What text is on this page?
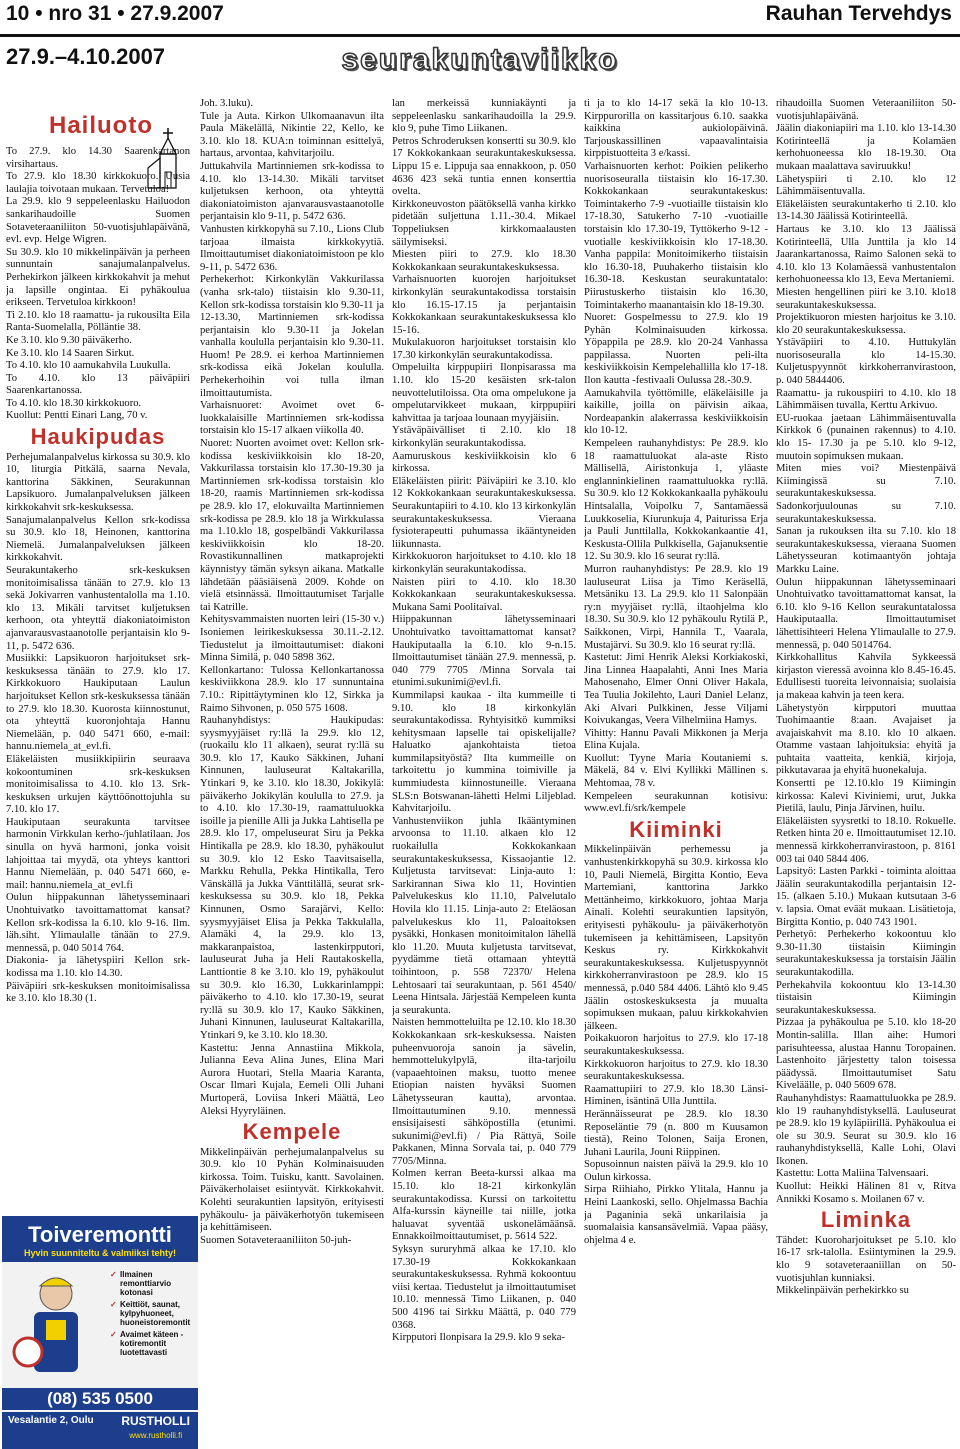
10 • nro 31 • 27.9.2007	Rauhan Tervehdys
27.9.–4.10.2007	seurakuntaviikko
Hailuoto

To 27.9. klo 14.30 Saarenkartanon virsihartaus.

To 27.9. klo 18.30 kirkkokuoro. Uusia laulajia toivotaan mukaan. Tervetuloa!

La 29.9. klo 9 seppeleenlasku Hailuodon sankarihaudoille Suomen Sotaveteraaniliiton 50-vuotisjuhlapäivänä, evl. evp. Helge Wigren.

Su 30.9. klo 10 mikkelinpäivän ja perheen sunnuntain sanajumalanpalvelus. Perhekirkon jälkeen kirkkokahvit ja mehut ja lapsille ongintaa. Ei pyhäkoulua erikseen. Tervetuloa kirkkoon!

Ti 2.10. klo 18 raamattu- ja rukousilta Eila Ranta-Suomelalla, Pölläntie 38.

Ke 3.10. klo 9.30 päiväkerho.

Ke 3.10. klo 14 Saaren Sirkut.

To 4.10. klo 10 aamukahvila Luukulla.

To 4.10. klo 13 päiväpiiri Saarenkartanossa.

To 4.10. klo 18.30 kirkkokuoro.

Kuollut: Pentti Einari Lang, 70 v.

Haukipudas

Perhejumalanpalvelus kirkossa su 30.9. klo 10, liturgia Pitkälä, saarna Nevala, kanttorina Säkkinen, Seurakunnan Lapsikuoro. Jumalanpalveluksen jälkeen kirkkokahvit srk-keskuksessa.

Sanajumalanpalvelus Kellon srk-kodissa su 30.9. klo 18, Heinonen, kanttorina Niemelä. Jumalanpalveluksen jälkeen kirkkokahvit.

Seurakuntakerho srk-keskuksen monitoimisalissa tänään to 27.9. klo 13 sekä Jokivarren vanhustentalolla ma 1.10. klo 13. Mikäli tarvitset kuljetuksen kerhoon, ota yhteyttä diakoniatoimiston ajanvarausvastaanotolle perjantaisin klo 9-11, p. 5472 636.

Musiikki: Lapsikuoron harjoitukset srk-keskuksessa tänään to 27.9. klo 17. Kirkkokuoro Haukiputaan Laulun harjoitukset Kellon srk-keskuksessa tänään to 27.9. klo 18.30. Kuorosta kiinnostunut, ota yhteyttä kuoronjohtaja Hannu Niemelään, p. 040 5471 660, e-mail: hannu.niemela_at_evl.fi.

Eläkeläisten musiikkipiirin seuraava kokoontuminen srk-keskuksen monitoimisalissa to 4.10. klo 13. Srk-keskuksen urkujen käyttöönottojuhla su 7.10. klo 17.

Haukiputaan seurakunta tarvitsee harmonin Virkkulan kerho-/juhlatilaan. Jos sinulla on hyvä harmoni, jonka voisit lahjoittaa tai myydä, ota yhteys kanttori Hannu Niemelään, p. 040 5471 660, e-mail: hannu.niemela_at_evl.fi

Oulun hiippakunnan lähetysseminaari Unohtuivatko tavoittamattomat kansat? Kellon srk-kodissa la 6.10. klo 9-16. Ilm. läh.siht. Ylimaulalle tänään to 27.9. mennessä, p. 040 5014 764.

Diakonia- ja lähetyspiiri Kellon srk-kodissa ma 1.10. klo 14.30.

Päiväpiiri srk-keskuksen monitoimisalissa ke 3.10. klo 18.30 (1.

Toiveremontti
Hyvin suunniteltu & valmiiksi tehty!
✓ Ilmainen remonttiarvio kotonasi
✓ Keittiöt, saunat, kylpyhuoneet, huoneistoremontit
✓ Avaimet käteen -kotiremontit luotettavasti
(08) 535 0500
Vesalantie 2, Oulu RUSTHOLLI
www.rustholli.fi

Joh. 3.luku).

Tule ja Auta. Kirkon Ulkomaanavun ilta Paula Mäkelällä, Nikintie 22, Kello, ke 3.10. klo 18. KUA:n toiminnan esittelyä, hartaus, arvontaa, kahvitarjoilu.

Juttukahvila Martinniemen srk-kodissa to 4.10. klo 13-14.30. Mikäli tarvitset kuljetuksen kerhoon, ota yhteyttä diakoniatoimiston ajanvarausvastaanotolle perjantaisin klo 9-11, p. 5472 636.

Vanhusten kirkkopyhä su 7.10., Lions Club tarjoaa ilmaista kirkkokyytiä. Ilmoittautumiset diakoniatoimistoon pe klo 9-11, p. 5472 636.

Perhekerhot: Kirkonkylän Vakkurilassa (vanha srk-talo) tiistaisin klo 9.30-11, Kellon srk-kodissa torstaisin klo 9.30-11 ja 12-13.30, Martinniemen srk-kodissa perjantaisin klo 9.30-11 ja Jokelan vanhalla koululla perjantaisin klo 9.30-11. Huom! Pe 28.9. ei kerhoa Martinniemen srk-kodissa eikä Jokelan koululla. Perhekerhoihin voi tulla ilman ilmoittautumista.

Varhaisnuoret: Avoimet ovet 6-luokkalaisille Martinniemen srk-kodissa torstaisin klo 15-17 alkaen viikolla 40.

Nuoret: Nuorten avoimet ovet: Kellon srk-kodissa keskiviikkoisin klo 18-20, Vakkurilassa torstaisin klo 17.30-19.30 ja Martinniemen srk-kodissa torstaisin klo 18-20, raamis Martinniemen srk-kodissa pe 28.9. klo 17, elokuvailta Martinniemen srk-kodissa pe 28.9. klo 18 ja Wirkkulassa ma 1.10.klo 18, gospelbändi Vakkurilassa keskiviikkoisin klo 18-20. Rovastikunnallinen matkaprojekti käynnistyy tämän syksyn aikana. Matkalle lähdetään pääsiäisenä 2009. Kohde on vielä etsinnässä. Ilmoittautumiset Tarjalle tai Katrille.

Kehitysvammaisten nuorten leiri (15-30 v.) Isoniemen leirikeskuksessa 30.11.-2.12. Tiedustelut ja ilmoittautumiset: diakoni Minna Similä, p. 040 5898 362.

Kellonkartano: Tulossa Kellonkartanossa keskiviikkona 28.9. klo 17 sunnuntaina 7.10.: Ripittäytyminen klo 12, Sirkka ja Raimo Sihvonen, p. 050 575 1608.

Rauhanyhdistys: Haukipudas: syysmyyjäiset ry:llä la 29.9. klo 12, (ruokailu klo 11 alkaen), seurat ry:llä su 30.9. klo 17, Kauko Säkkinen, Juhani Kinnunen, lauluseurat Kaltakarilla, Ytinkari 9, ke 3.10. klo 18.30, Jokikylä: päiväkerho Jokikylän koululla to 27.9. ja to 4.10. klo 17.30-19, raamattuluokka isoille ja pienille Alli ja Jukka Lahtisella pe 28.9. klo 17, ompeluseurat Siru ja Pekka Hintikalla pe 28.9. klo 18.30, pyhäkoulut su 30.9. klo 12 Esko Taavitsaisella, Markku Rehulla, Pekka Hintikalla, Tero Vänskällä ja Jukka Vänttilällä, seurat srk-keskuksessa su 30.9. klo 18, Pekka Kinnunen, Osmo Sarajärvi, Kello: syysmyyjäiset Elisa ja Pekka Takkulalla, Alamäki 4, la 29.9. klo 13, makkaranpaistoa, lastenkirpputori, lauluseurat Juha ja Heli Rautakoskella, Lanttiontie 8 ke 3.10. klo 19, pyhäkoulut su 30.9. klo 16.30, Lukkarinlamppi: päiväkerho to 4.10. klo 17.30-19, seurat ry:llä su 30.9. klo 17, Kauko Säkkinen, Juhani Kinnunen, lauluseurat Kaltakarilla, Ytinkari 9, ke 3.10. klo 18.30.

Kastettu: Jenna Annastiina Mikkola, Julianna Eeva Alina Junes, Elina Mari Aurora Huotari, Stella Maaria Karanta, Oscar Ilmari Kujala, Eemeli Olli Juhani Murtoperä, Loviisa Inkeri Määttä, Leo Aleksi Hyyryläinen.

Kempele

Mikkelinpäivän perhejumalanpalvelus su 30.9. klo 10 Pyhän Kolminaisuuden kirkossa. Toim. Tuisku, kantt. Savolainen. Päiväkerholaiset esiintyvät. Kirkkokahvit. Kolehti seurakuntien lapsityön, erityisesti pyhäkoulu- ja päiväkerhotyön tukemiseen ja kehittämiseen.

Suomen Sotaveteraaniliiton 50-juh-

lan merkeissä kunniakäynti ja seppeleenlasku sankarihaudoilla la 29.9. klo 9, puhe Timo Liikanen.

Petros Schroderuksen konsertti su 30.9. klo 17 Kokkokankaan seurakuntakeskuksessa. Lippu 15 e. Lippuja saa ennakkoon, p. 050 4636 423 sekä tuntia ennen konserttia ovelta.

Kirkkoneuvoston päätöksellä vanha kirkko pidetään suljettuna 1.11.-30.4. Mikael Toppeliuksen kirkkomaalausten säilymiseksi.

Miesten piiri to 27.9. klo 18.30 Kokkokankaan seurakuntakeskuksessa.

Varhaisnuorten kuorojen harjoitukset kirkonkylän seurakuntakodissa torstaisin klo 16.15-17.15 ja perjantaisin Kokkokankaan seurakuntakeskuksessa klo 15-16.

Mukulakuoron harjoitukset torstaisin klo 17.30 kirkonkylän seurakuntakodissa.

Ompeluilta kirppupiiri Ilonpisarassa ma 1.10. klo 15-20 kesäisten srk-talon neuvottelutiloissa. Ota oma ompelukone ja ompelutarvikkeet mukaan, kirppupiiri kahvittaa ja tarjoaa lounaan myyjäisiin.

Ystäväpäivälliset ti 2.10. klo 18 kirkonkylän seurakuntakodissa.

Aamuruskous keskiviikkoisin klo 6 kirkossa.

Eläkeläisten piirit: Päiväpiiri ke 3.10. klo 12 Kokkokankaan seurakuntakeskuksessa. Seurakuntapiiri to 4.10. klo 13 kirkonkylän seurakuntakeskuksessa. Vieraana fysioterapeutti puhumassa ikääntyneiden liikunnasta.

Kirkkokuoron harjoitukset to 4.10. klo 18 kirkonkylän seurakuntakodissa.

Naisten piiri to 4.10. klo 18.30 Kokkokankaan seurakuntakeskuksessa. Mukana Sami Poolitaival.

Hiippakunnan lähetysseminaari Unohtuivatko tavoittamattomat kansat? Haukiputaalla la 6.10. klo 9-n.15. Ilmoittautumiset tänään 27.9. mennessä, p. 040 779 7705 /Minna Sorvala tai etunimi.sukunimi@evl.fi.

Kummilapsi kaukaa - ilta kummeille ti 9.10. klo 18 kirkonkylän seurakuntakodissa. Ryhtyisitkö kummiksi kehitysmaan lapselle tai opiskelijalle? Haluatko ajankohtaista tietoa kummilapsityöstä? Ilta kummeille on tarkoitettu jo kummina toimiville ja kummiudesta kiinnostuneille. Vieraana SLS:n Botswanan-lähetti Helmi Liljeblad. Kahvitarjoilu.

Vanhustenviikon juhla Ikääntyminen arvoonsa to 11.10. alkaen klo 12 ruokailulla Kokkokankaan seurakuntakeskuksessa, Kissaojantie 12. Kuljetusta tarvitsevat: Linja-auto 1: Sarkirannan Siwa klo 11, Hovintien Palvelukeskus klo 11.10, Palvelutalo Hovila klo 11.15. Linja-auto 2: Eteläosan palvelukeskus klo 11, Paloaitoksen pysäkki, Honkasen monitoimitalon lähellä klo 11.20. Muuta kuljetusta tarvitsevat, pyydämme tietä ottamaan yhteyttä toihintoon, p. 558 72370/ Helena Lehtosaari tai seurakuntaan, p. 561 4540/ Leena Hintsala. Järjestää Kempeleen kunta ja seurakunta.

Naisten hemmotteluilta pe 12.10. klo 18.30 Kokkokankaan srk-keskuksessa. Naisten puheenvuoroja sanoin ja sävelin, hemmottelukylpylä, ilta-tarjoilu (vapaaehtoinen maksu, tuotto menee Etiopian naisten hyväksi Suomen Lähetysseuran kautta), arvontaa. Ilmoittautuminen 9.10. mennessä ensisijaisesti sähköpostilla (etunimi. sukunimi@evl.fi) / Pia Rättyä, Soile Pakkanen, Minna Sorvala tai, p. 040 779 7705/Minna.

Kolmen kerran Beeta-kurssi alkaa ma 15.10. klo 18-21 kirkonkylän seurakuntakodissa. Kurssi on tarkoitettu Alfa-kurssin käyneille tai niille, jotka haluavat syventää uskonelämäänsä. Ennakkoilmoittautumiset, p. 5614 522.

Syksyn sururyhmä alkaa ke 17.10. klo 17.30-19 Kokkokankaan seurakuntakeskuksessa. Ryhmä kokoontuu viisi kertaa. Tiedustelut ja ilmoittautumiset 10.10. mennessä Timo Liikanen, p. 040 500 4196 tai Sirkku Määttä, p. 040 779 0368.

Kirpputori Ilonpisara la 29.9. klo 9 seka-

ti ja to klo 14-17 sekä la klo 10-13. Kirppurorilla on kassitarjous 6.10. saakka kaikkina aukiolopäivinä. Tarjouskassillinen vapaavalintaisia kirppistuotteita 3 e/kassi.

Varhaisnuorten kerhot: Poikien pelikerho nuorisoseuralla tiistaisin klo 16-17.30. Kokkokankaan seurakuntakeskus: Toimintakerho 7-9 -vuotiaille tiistaisin klo 17-18.30, Satukerho 7-10 -vuotiaille torstaisin klo 17.30-19, Tyttökerho 9-12 -vuotialle keskiviikkoisin klo 17-18.30. Vanha pappila: Monitoimikerho tiistaisin klo 16.30-18, Puuhakerho tiistaisin klo 16.30-18. Keskustan seurakuntatalo: Piirustuskerho tiistaisin klo 16.30, Toimintakerho maanantaisin klo 18-19.30.

Nuoret: Gospelmessu to 27.9. klo 19 Pyhän Kolminaisuuden kirkossa. Yöpappila pe 28.9. klo 20-24 Vanhassa pappilassa. Nuorten peli-ilta keskiviikkoisin Kempelehallilla klo 17-18. Ilon kautta -festivaali Oulussa 28.-30.9.

Aamukahvila työttömille, eläkeläisille ja kaikille, joilla on päivisin aikaa, Nordeapankin alakerrassa keskiviikkoisin klo 10-12.

Kempeleen rauhanyhdistys: Pe 28.9. klo 18 raamattuluokat ala-aste Risto Mällisellä, Airistonkuja 1, yläaste englanninkielinen raamattuluokka ry:llä. Su 30.9. klo 12 Kokkokankaalla pyhäkoulu Hintsalalla, Voipolku 7, Santamäessä Luukkoselia, Kiurunkuja 4, Paiturissa Erja ja Pauli Junttilalla, Kokkokankaantie 41, Keskusta-Ollila Pulkkisella, Gajanuksentie 12. Su 30.9. klo 16 seurat ry:llä.

Murron rauhanyhdistys: Pe 28.9. klo 19 lauluseurat Liisa ja Timo Keräsellä, Metsäniku 13. La 29.9. klo 11 Salonpään ry:n myyjäiset ry:llä, iltaohjelma klo 18.30. Su 30.9. klo 12 pyhäkoulu Rytilä P., Saikkonen, Virpi, Hannila T., Vaarala, Mustajärvi. Su 30.9. klo 16 seurat ry:llä.

Kastetut: Jimi Henrik Aleksi Korkiakoski, Jina Linnea Haapalahti, Anni Ines Maria Mahosenaho, Elmer Onni Oliver Hakala, Tea Tuulia Jokilehto, Lauri Daniel Lelanz, Aki Alvari Pulkkinen, Jesse Viljami Koivukangas, Veera Vilhelmiina Hamys.

Vihitty: Hannu Pavali Mikkonen ja Merja Elina Kujala.

Kuollut: Tyyne Maria Koutaniemi s. Mäkelä, 84 v. Elvi Kyllikki Mällinen s. Mehtomaa, 78 v.

Kempeleen seurakunnan kotisivu: www.evl.fi/srk/kempele

Kiiminki

Mikkelinpäivän perhemessu ja vanhustenkirkkopyhä su 30.9. kirkossa klo 10, Pauli Niemelä, Birgitta Kontio, Eeva Martemiani, kanttorina Jarkko Mettänheimo, kirkkokuoro, johtaa Marja Ainali. Kolehti seurakuntien lapsityön, erityisesti pyhäkoulu- ja päiväkerhotyön tukemiseen ja kehittämiseen, Lapsityön Keskus ry. Kirkkokahvit seurakuntakeskuksessa. Kuljetuspyynnöt kirkkoherranvirastoon pe 28.9. klo 15 mennessä, p.040 584 4406. Lähtö klo 9.45 Jäälin ostoskeskuksesta ja muualta sopimuksen mukaan, paluu kirkkokahvien jälkeen.

Poikakuoron harjoitus to 27.9. klo 17-18 seurakuntakeskuksessa.

Kirkkokuoron harjoitus to 27.9. klo 18.30 seurakuntakeskuksessa.

Raamattupiiri to 27.9. klo 18.30 Länsi-Himinen, isäntinä Ulla Junttila.

Herännäisseurat pe 28.9. klo 18.30 Reposeläntie 79 (n. 800 m Kuusamon tiestä), Reino Tolonen, Saija Eronen, Juhani Laurila, Jouni Riippinen.

Sopusoinnun naisten päivä la 29.9. klo 10 Oulun kirkossa.

Sirpa Riihiaho, Pirkko Ylitala, Hannu ja Heini Laankoski, sello. Ohjelmassa Bachia ja Paganinia sekä unkarilaisia ja suomalaisia kansansävelmiä. Vapaa pääsy, ohjelma 4 e.

rihaudoilla Suomen Veteraaniliiton 50-vuotisjuhlapäivänä.

Jäälin diakoniapiiri ma 1.10. klo 13-14.30 Kotirinteellä ja Kolamäen kerhohuoneessa klo 18-19.30. Ota mukaan maalattava saviruukku!

Lähetyspiiri ti 2.10. klo 12 Lähimmäisentuvalla.

Eläkeläisten seurakuntakerho ti 2.10. klo 13-14.30 Jäälissä Kotirinteellä.

Hartaus ke 3.10. klo 13 Jäälissä Kotirinteellä, Ulla Junttila ja klo 14 Jaarankartanossa, Raimo Salonen sekä to 4.10. klo 13 Kolamäessä vanhustentalon kerhohuoneessa klo 13, Eeva Mertaniemi.

Miesten hengellinen piiri ke 3.10. klo18 seurakuntakeskuksessa.

Projektikuoron miesten harjoitus ke 3.10. klo 20 seurakuntakeskuksessa.

Ystäväpiiri to 4.10. Huttukylän nuorisoseuralla klo 14-15.30. Kuljetuspyynnöt kirkkoherranvirastoon, p. 040 5844406.

Raamattu- ja rukouspiiri to 4.10. klo 18 Lähimmäisen tuvalla, Kerttu Arkivuo.

EU-ruokaa jaetaan Lähimmäisentuvalla Kirkkok 6 (punainen rakennus) to 4.10. klo 15- 17.30 ja pe 5.10. klo 9-12, muutoin sopimuksen mukaan.

Miten mies voi? Miestenpäivä Kiimingissä su 7.10. seurakuntakeskuksessa.

Sadonkorjuulounas su 7.10. seurakuntakeskuksessa.

Sanan ja rukouksen ilta su 7.10. klo 18 seurakuntakeskuksessa, vieraana Suomen Lähetysseuran kotimaantyön johtaja Markku Laine.

Oulun hiippakunnan lähetysseminaari Unohtuivatko tavoittamattomat kansat, la 6.10. klo 9-16 Kellon seurakuntatalossa Haukiputaalla. Ilmoittautumiset lähettisihteeri Helena Ylimaulalle to 27.9. mennessä, p. 040 5014764.

Kirkkohallitus Kahvila Sykkeessä kirjaston vieressä avoinna klo 8.45-16.45. Edullisesti tuoreita leivonnaisia; suolaisia ja makeaa kahvin ja teen kera.

Lähetystyön kirpputori muuttaa Tuohimaantie 8:aan. Avajaiset ja avajaiskahvit ma 8.10. klo 10 alkaen. Otamme vastaan lahjoituksia: ehyitä ja puhtaita vaatteita, kenkiä, kirjoja, pikkutavaraa ja ehyitä huonekaluja.

Konsertti pe 12.10.klo 19 Kiimingin kirkossa: Kalevi Kiviniemi, urut, Jukka Pietilä, laulu, Pinja Järvinen, huilu.

Eläkeläisten syysretki to 18.10. Rokuelle. Retken hinta 20 e. Ilmoittautumiset 12.10. mennessä kirkkoherranvirastoon, p. 8161 003 tai 040 5844 406.

Lapsityö: Lasten Parkki - toiminta aloittaa Jäälin seurakuntakodilla perjantaisin 12-15. (alkaen 5.10.) Mukaan kutsutaan 3-6 v. lapsia. Omat eväät mukaan. Lisätietoja, Birgitta Kontio, p. 040 743 1901.

Perhetyö: Perhekerho kokoontuu klo 9.30-11.30 tiistaisin Kiimingin seurakuntakeskuksessa ja torstaisin Jäälin seurakuntakodilla.

Perhekahvila kokoontuu klo 13-14.30 tiistaisin Kiimingin seurakuntakeskuksessa.

Pizzaa ja pyhäkoulua pe 5.10. klo 18-20 Montin-salilla. Illan aihe: Humori parisuhteessa, alustaa Hannu Toropainen. Lastenhoito järjestetty talon toisessa päädyssä. Ilmoittautumiset Satu Kiveläälle, p. 040 5609 678.

Rauhanyhdistys: Raamattuluokka pe 28.9. klo 19 rauhanyhdistyksellä. Lauluseurat pe 28.9. klo 19 kyläpiirillä. Pyhäkoulua ei ole su 30.9. Seurat su 30.9. klo 16 rauhanyhdistyksellä, Kalle Lohi, Olavi Ikonen.

Kastettu: Lotta Maliina Talvensaari.

Kuollut: Heikki Hälinen 81 v, Ritva Annikki Kosamo s. Moilanen 67 v.

Liminka

Tähdet: Kuoroharjoitukset pe 5.10. klo 16-17 srk-talolla. Esiintyminen la 29.9. klo 9 sotaveteraaniillan on 50-vuotisjuhlan kunniaksi.

Mikkelinpäivän perhekirkko su
